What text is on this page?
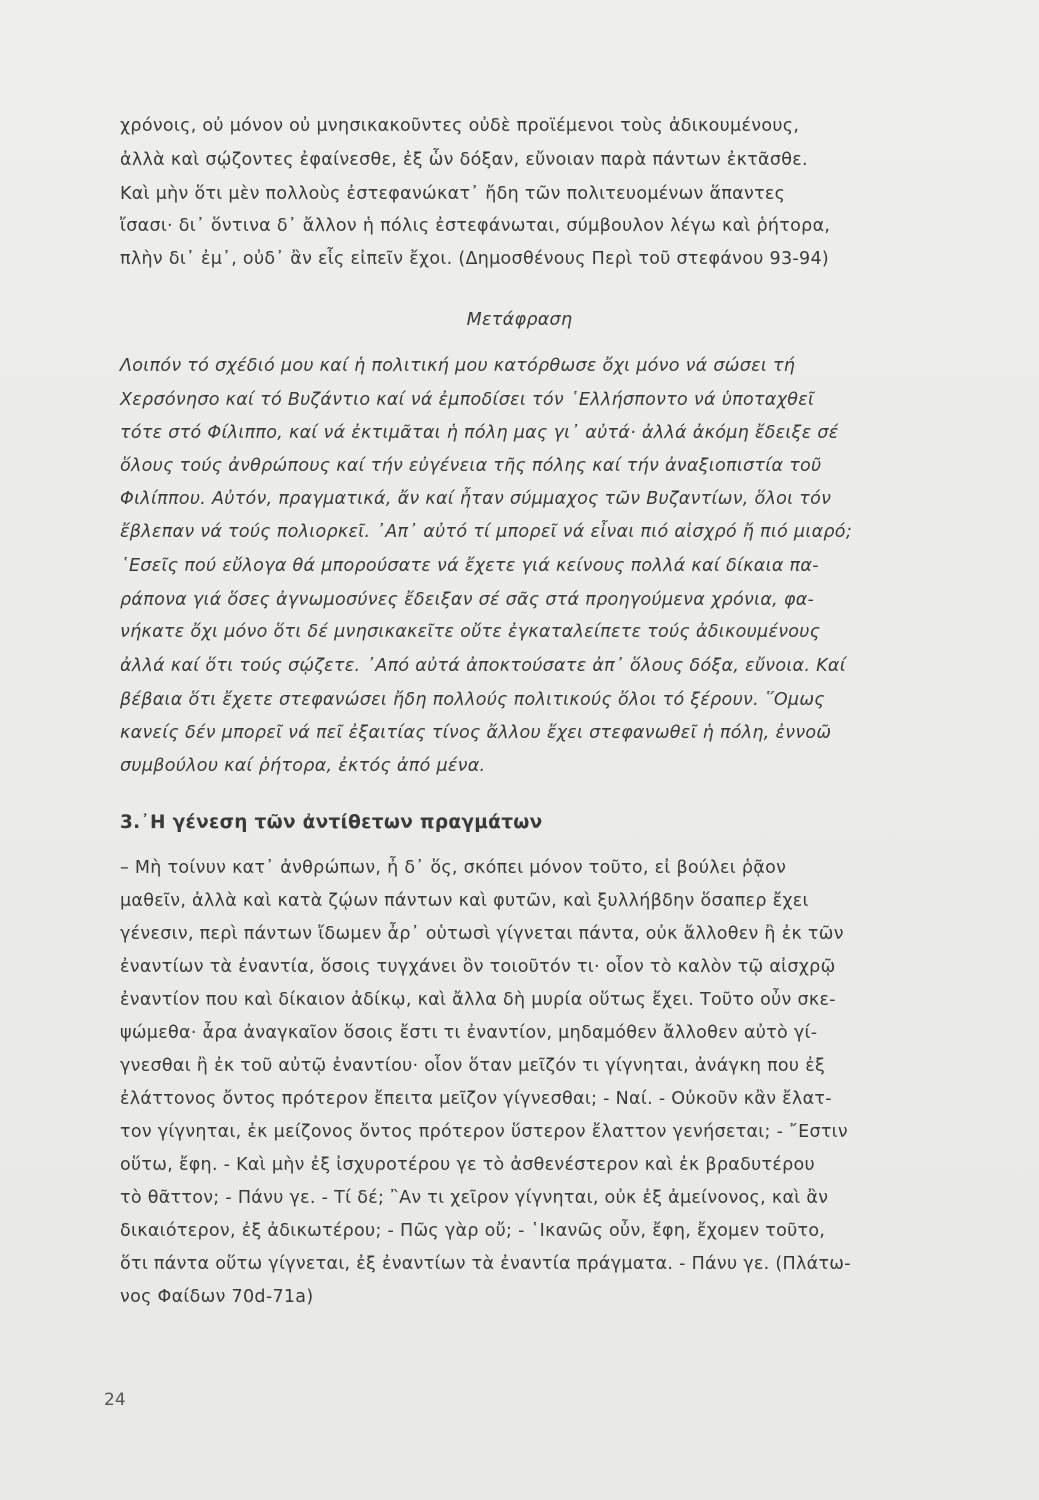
χρόνοις, οὐ μόνον οὐ μνησικακοῦντες οὐδὲ προϊέμενοι τοὺς ἀδικουμένους,
ἀλλὰ καὶ σῴζοντες ἐφαίνεσθε, ἐξ ὧν δόξαν, εὔνοιαν παρὰ πάντων ἐκτᾶσθε.
Καὶ μὴν ὅτι μὲν πολλοὺς ἐστεφανώκατ᾽ ἤδη τῶν πολιτευομένων ἅπαντες
ἴσασι· δι᾽ ὅντινα δ᾽ ἄλλον ἡ πόλις ἐστεφάνωται, σύμβουλον λέγω καὶ ῥήτορα,
πλὴν δι᾽ ἐμ᾽, οὐδ᾽ ἂν εἷς εἰπεῖν ἔχοι. (Δημοσθένους Περὶ τοῦ στεφάνου 93-94)
Μετάφραση
Λοιπόν τό σχέδιό μου καί ἡ πολιτική μου κατόρθωσε ὄχι μόνο νά σώσει τή
Χερσόνησο καί τό Βυζάντιο καί νά ἐμποδίσει τόν ῾Ελλήσποντο νά ὑποταχθεῖ
τότε στό Φίλιππο, καί νά ἐκτιμᾶται ἡ πόλη μας γι᾽ αὐτά· ἀλλά ἀκόμη ἔδειξε σέ
ὅλους τούς ἀνθρώπους καί τήν εὐγένεια τῆς πόλης καί τήν ἀναξιοπιστία τοῦ
Φιλίππου. Αὐτόν, πραγματικά, ἄν καί ἦταν σύμμαχος τῶν Βυζαντίων, ὅλοι τόν
ἔβλεπαν νά τούς πολιορκεῖ. ᾽Απ᾽ αὐτό τί μπορεῖ νά εἶναι πιό αἰσχρό ἤ πιό μιαρό;
῾Εσεῖς πού εὔλογα θά μπορούσατε νά ἔχετε γιά κείνους πολλά καί δίκαια πα-
ράπονα γιά ὅσες ἀγνωμοσύνες ἔδειξαν σέ σᾶς στά προηγούμενα χρόνια, φα-
νήκατε ὄχι μόνο ὅτι δέ μνησικακεῖτε οὔτε ἐγκαταλείπετε τούς ἀδικουμένους
ἀλλά καί ὅτι τούς σῴζετε. ᾽Από αὐτά ἀποκτούσατε ἀπ᾽ ὅλους δόξα, εὔνοια. Καί
βέβαια ὅτι ἔχετε στεφανώσει ἤδη πολλούς πολιτικούς ὅλοι τό ξέρουν. ῞Ομως
κανείς δέν μπορεῖ νά πεῖ ἐξαιτίας τίνος ἄλλου ἔχει στεφανωθεῖ ἡ πόλη, ἐννοῶ
συμβούλου καί ῥήτορα, ἐκτός ἀπό μένα.
3.᾽Η γένεση τῶν ἀντίθετων πραγμάτων
– Μὴ τοίνυν κατ᾽ ἀνθρώπων, ἦ δ᾽ ὅς, σκόπει μόνον τοῦτο, εἰ βούλει ῥᾷον
μαθεῖν, ἀλλὰ καὶ κατὰ ζῴων πάντων καὶ φυτῶν, καὶ ξυλλήβδην ὅσαπερ ἔχει
γένεσιν, περὶ πάντων ἴδωμεν ἆρ᾽ οὑτωσὶ γίγνεται πάντα, οὐκ ἄλλοθεν ἢ ἐκ τῶν
ἐναντίων τὰ ἐναντία, ὅσοις τυγχάνει ὂν τοιοῦτόν τι· οἷον τὸ καλὸν τῷ αἰσχρῷ
ἐναντίον που καὶ δίκαιον ἀδίκῳ, καὶ ἄλλα δὴ μυρία οὕτως ἔχει. Τοῦτο οὖν σκε-
ψώμεθα· ἆρα ἀναγκαῖον ὅσοις ἔστι τι ἐναντίον, μηδαμόθεν ἄλλοθεν αὐτὸ γί-
γνεσθαι ἢ ἐκ τοῦ αὐτῷ ἐναντίου· οἷον ὅταν μεῖζόν τι γίγνηται, ἀνάγκη που ἐξ
ἐλάττονος ὄντος πρότερον ἔπειτα μεῖζον γίγνεσθαι; - Ναί. - Οὐκοῦν κἂν ἔλατ-
τον γίγνηται, ἐκ μείζονος ὄντος πρότερον ὕστερον ἔλαττον γενήσεται; - ῎Εστιν
οὕτω, ἔφη. - Καὶ μὴν ἐξ ἰσχυροτέρου γε τὸ ἀσθενέστερον καὶ ἐκ βραδυτέρου
τὸ θᾶττον; - Πάνυ γε. - Τί δέ; ῍Αν τι χεῖρον γίγνηται, οὐκ ἐξ ἀμείνονος, καὶ ἂν
δικαιότερον, ἐξ ἀδικωτέρου; - Πῶς γὰρ οὔ; - ῾Ικανῶς οὖν, ἔφη, ἔχομεν τοῦτο,
ὅτι πάντα οὕτω γίγνεται, ἐξ ἐναντίων τὰ ἐναντία πράγματα. - Πάνυ γε. (Πλάτω-
νος Φαίδων 70d-71a)
24
